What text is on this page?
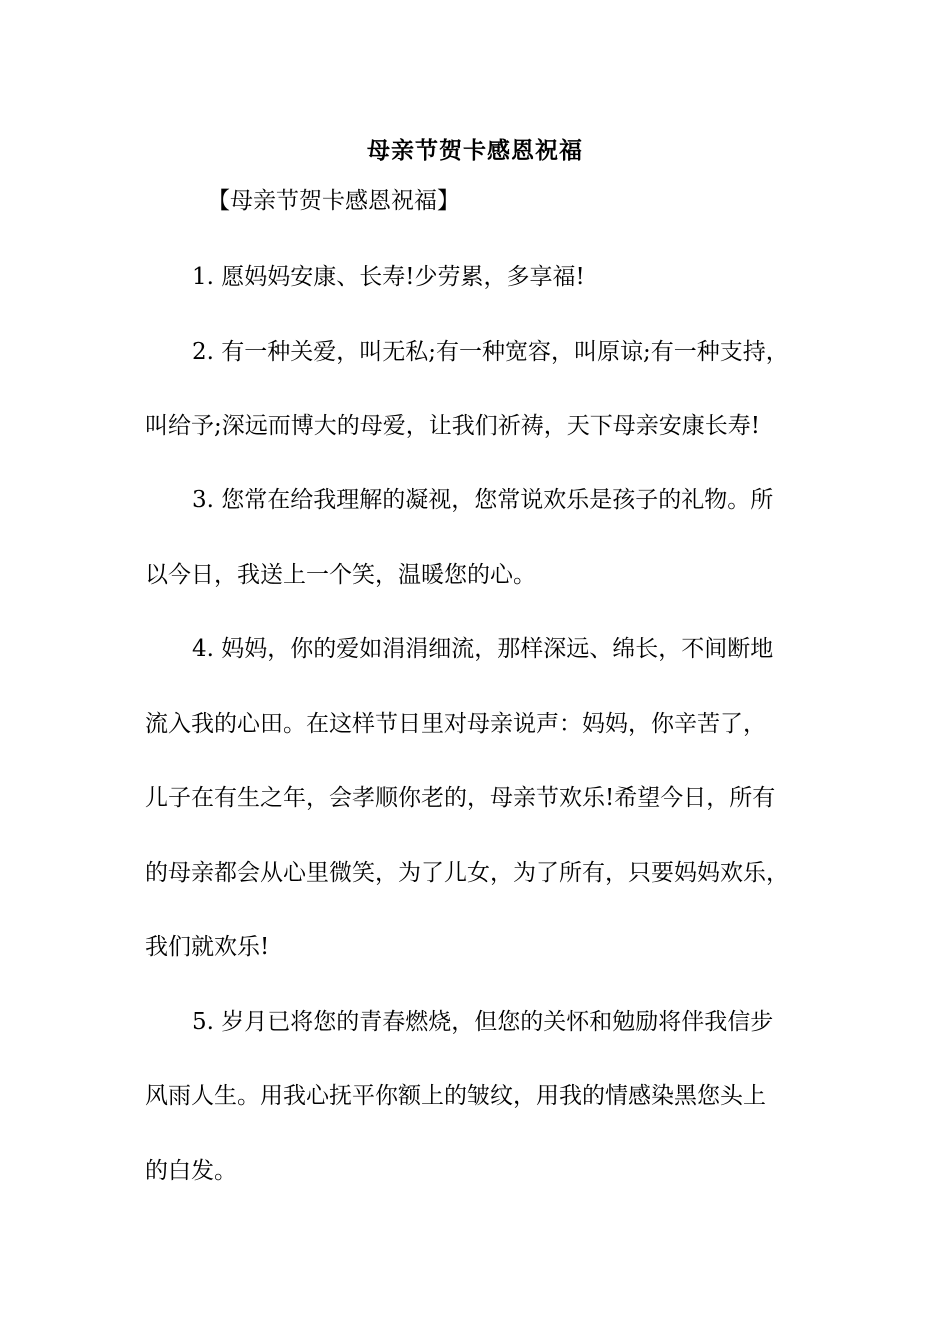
母亲节贺卡感恩祝福
【母亲节贺卡感恩祝福】
1. 愿妈妈安康、长寿!少劳累，多享福!
2. 有一种关爱，叫无私;有一种宽容，叫原谅;有一种支持，
叫给予;深远而博大的母爱，让我们祈祷，天下母亲安康长寿!
3. 您常在给我理解的凝视，您常说欢乐是孩子的礼物。所
以今日，我送上一个笑，温暖您的心。
4. 妈妈，你的爱如涓涓细流，那样深远、绵长，不间断地
流入我的心田。在这样节日里对母亲说声：妈妈，你辛苦了，
儿子在有生之年，会孝顺你老的，母亲节欢乐!希望今日，所有
的母亲都会从心里微笑，为了儿女，为了所有，只要妈妈欢乐，
我们就欢乐!
5. 岁月已将您的青春燃烧，但您的关怀和勉励将伴我信步
风雨人生。用我心抚平你额上的皱纹，用我的情感染黑您头上
的白发。
